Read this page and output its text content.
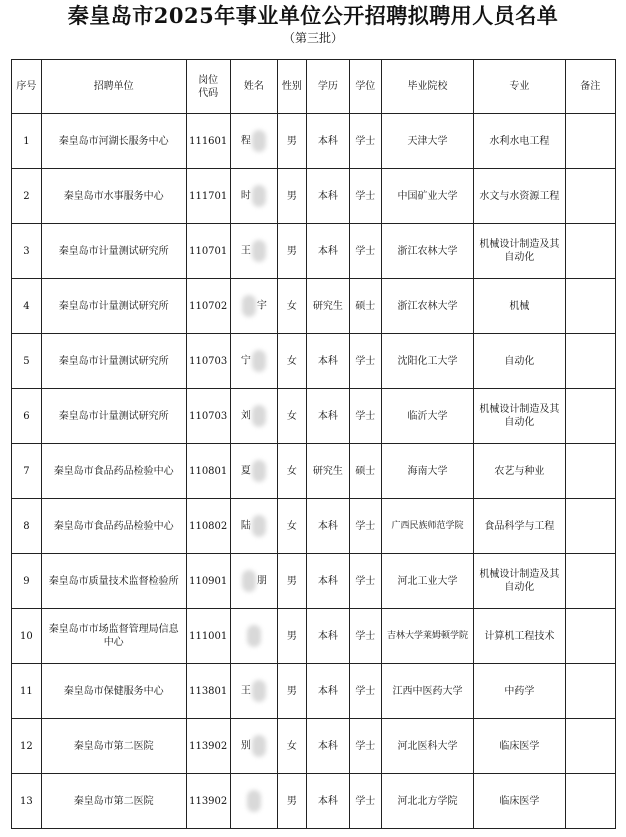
秦皇岛市2025年事业单位公开招聘拟聘用人员名单
（第三批）
序号	招聘单位	岗位代码	姓名	性别	学历	学位	毕业院校	专业	备注
1	秦皇岛市河湖长服务中心	111601	程	男	本科	学士	天津大学	水利水电工程	
2	秦皇岛市水事服务中心	111701	时	男	本科	学士	中国矿业大学	水文与水资源工程	
3	秦皇岛市计量测试研究所	110701	王	男	本科	学士	浙江农林大学	机械设计制造及其自动化	
4	秦皇岛市计量测试研究所	110702	宇	女	研究生	硕士	浙江农林大学	机械	
5	秦皇岛市计量测试研究所	110703	宁	女	本科	学士	沈阳化工大学	自动化	
6	秦皇岛市计量测试研究所	110703	刘	女	本科	学士	临沂大学	机械设计制造及其自动化	
7	秦皇岛市食品药品检验中心	110801	夏	女	研究生	硕士	海南大学	农艺与种业	
8	秦皇岛市食品药品检验中心	110802	陆	女	本科	学士	广西民族师范学院	食品科学与工程	
9	秦皇岛市质量技术监督检验所	110901	朋	男	本科	学士	河北工业大学	机械设计制造及其自动化	
10	秦皇岛市市场监督管理局信息中心	111001		男	本科	学士	吉林大学莱姆顿学院	计算机工程技术	
11	秦皇岛市保健服务中心	113801	王	男	本科	学士	江西中医药大学	中药学	
12	秦皇岛市第二医院	113902	别	女	本科	学士	河北医科大学	临床医学	
13	秦皇岛市第二医院	113902		男	本科	学士	河北北方学院	临床医学	
